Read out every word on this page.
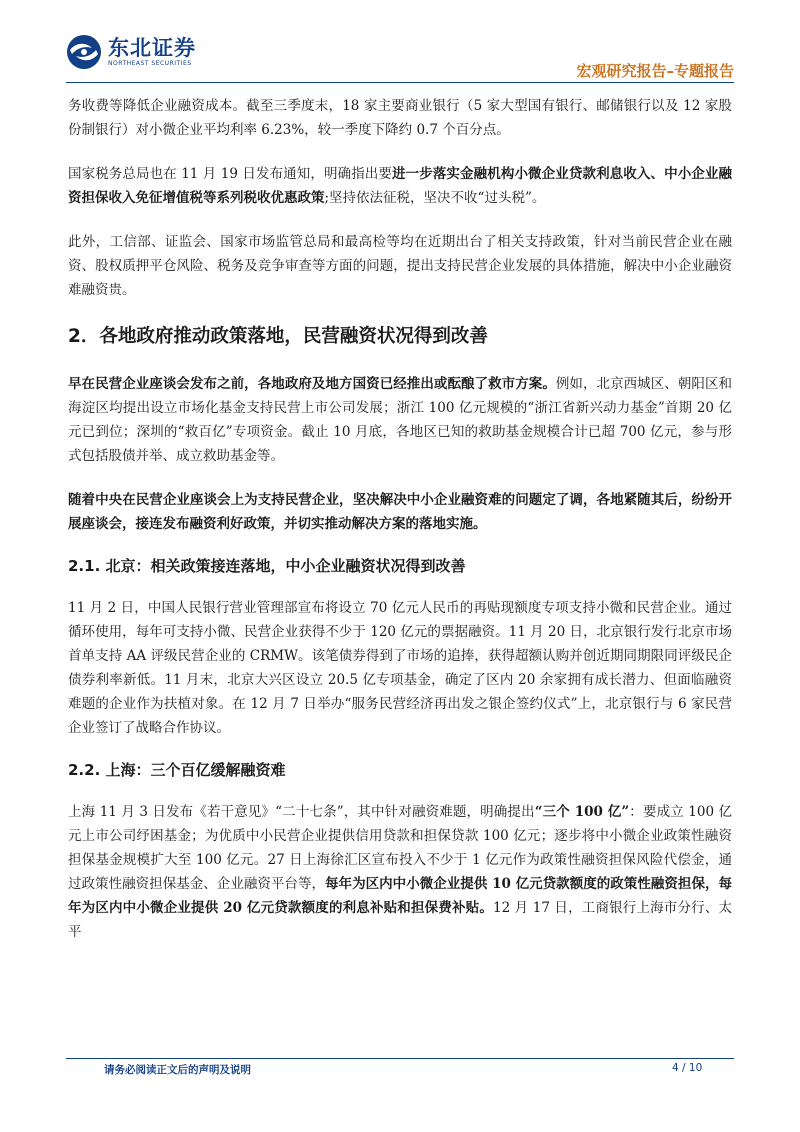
东北证券
NORTHEAST SECURITIES	宏观研究报告–专题报告

务收费等降低企业融资成本。截至三季度末，18 家主要商业银行（5 家大型国有银行、邮储银行以及 12 家股份制银行）对小微企业平均利率 6.23%，较一季度下降约 0.7 个百分点。

国家税务总局也在 11 月 19 日发布通知，明确指出要进一步落实金融机构小微企业贷款利息收入、中小企业融资担保收入免征增值税等系列税收优惠政策;坚持依法征税，坚决不收“过头税”。

此外，工信部、证监会、国家市场监管总局和最高检等均在近期出台了相关支持政策，针对当前民营企业在融资、股权质押平仓风险、税务及竞争审查等方面的问题，提出支持民营企业发展的具体措施，解决中小企业融资难融资贵。

2．各地政府推动政策落地，民营融资状况得到改善

早在民营企业座谈会发布之前，各地政府及地方国资已经推出或酝酿了救市方案。例如，北京西城区、朝阳区和海淀区均提出设立市场化基金支持民营上市公司发展；浙江 100 亿元规模的“浙江省新兴动力基金”首期 20 亿元已到位；深圳的“救百亿”专项资金。截止 10 月底，各地区已知的救助基金规模合计已超 700 亿元，参与形式包括股债并举、成立救助基金等。

随着中央在民营企业座谈会上为支持民营企业，坚决解决中小企业融资难的问题定了调，各地紧随其后，纷纷开展座谈会，接连发布融资利好政策，并切实推动解决方案的落地实施。

2.1. 北京：相关政策接连落地，中小企业融资状况得到改善

11 月 2 日，中国人民银行营业管理部宣布将设立 70 亿元人民币的再贴现额度专项支持小微和民营企业。通过循环使用，每年可支持小微、民营企业获得不少于 120 亿元的票据融资。11 月 20 日，北京银行发行北京市场首单支持 AA 评级民营企业的 CRMW。该笔债券得到了市场的追捧，获得超额认购并创近期同期限同评级民企债券利率新低。11 月末，北京大兴区设立 20.5 亿专项基金，确定了区内 20 余家拥有成长潜力、但面临融资难题的企业作为扶植对象。在 12 月 7 日举办“服务民营经济再出发之银企签约仪式”上，北京银行与 6 家民营企业签订了战略合作协议。

2.2. 上海：三个百亿缓解融资难

上海 11 月 3 日发布《若干意见》“二十七条”，其中针对融资难题，明确提出“三个 100 亿”：要成立 100 亿元上市公司纾困基金；为优质中小民营企业提供信用贷款和担保贷款 100 亿元；逐步将中小微企业政策性融资担保基金规模扩大至 100 亿元。27 日上海徐汇区宣布投入不少于 1 亿元作为政策性融资担保风险代偿金，通过政策性融资担保基金、企业融资平台等，每年为区内中小微企业提供 10 亿元贷款额度的政策性融资担保，每年为区内中小微企业提供 20 亿元贷款额度的利息补贴和担保费补贴。12 月 17 日，工商银行上海市分行、太平

请务必阅读正文后的声明及说明	4 / 10
